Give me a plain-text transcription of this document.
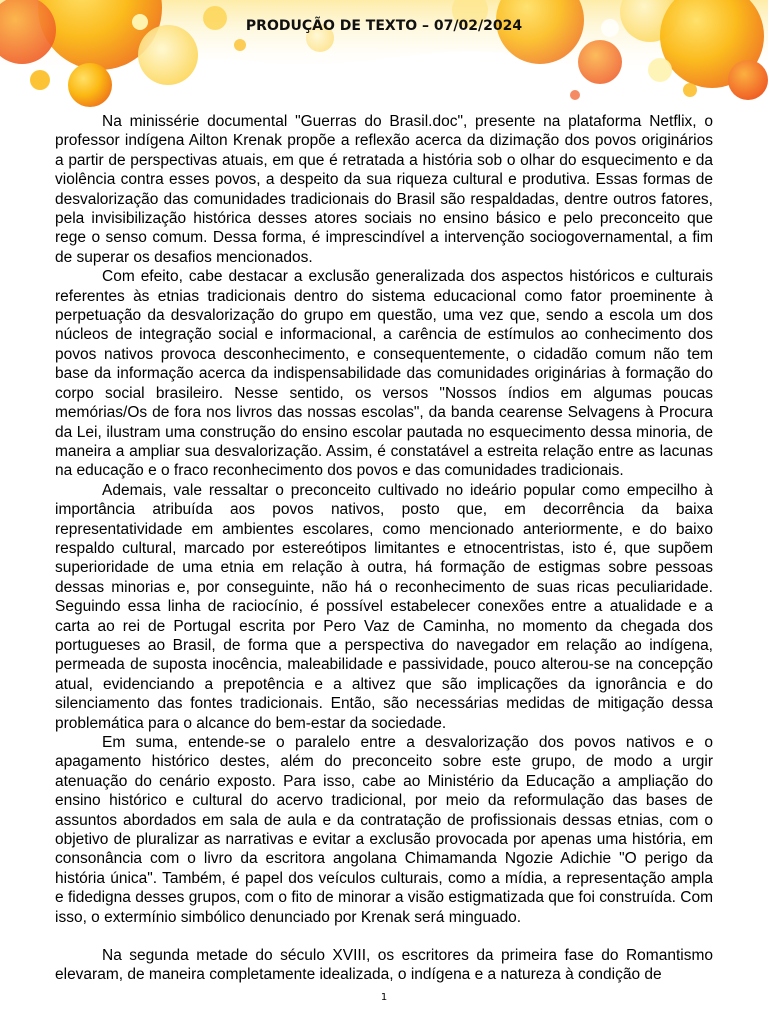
PRODUÇÃO DE TEXTO – 07/02/2024

Na minissérie documental "Guerras do Brasil.doc", presente na plataforma Netflix, o professor indígena Ailton Krenak propõe a reflexão acerca da dizimação dos povos originários a partir de perspectivas atuais, em que é retratada a história sob o olhar do esquecimento e da violência contra esses povos, a despeito da sua riqueza cultural e produtiva. Essas formas de desvalorização das comunidades tradicionais do Brasil são respaldadas, dentre outros fatores, pela invisibilização histórica desses atores sociais no ensino básico e pelo preconceito que rege o senso comum. Dessa forma, é imprescindível a intervenção sociogovernamental, a fim de superar os desafios mencionados.

Com efeito, cabe destacar a exclusão generalizada dos aspectos históricos e culturais referentes às etnias tradicionais dentro do sistema educacional como fator proeminente à perpetuação da desvalorização do grupo em questão, uma vez que, sendo a escola um dos núcleos de integração social e informacional, a carência de estímulos ao conhecimento dos povos nativos provoca desconhecimento, e consequentemente, o cidadão comum não tem base da informação acerca da indispensabilidade das comunidades originárias à formação do corpo social brasileiro. Nesse sentido, os versos "Nossos índios em algumas poucas memórias/Os de fora nos livros das nossas escolas", da banda cearense Selvagens à Procura da Lei, ilustram uma construção do ensino escolar pautada no esquecimento dessa minoria, de maneira a ampliar sua desvalorização. Assim, é constatável a estreita relação entre as lacunas na educação e o fraco reconhecimento dos povos e das comunidades tradicionais.

Ademais, vale ressaltar o preconceito cultivado no ideário popular como empecilho à importância atribuída aos povos nativos, posto que, em decorrência da baixa representatividade em ambientes escolares, como mencionado anteriormente, e do baixo respaldo cultural, marcado por estereótipos limitantes e etnocentristas, isto é, que supõem superioridade de uma etnia em relação à outra, há formação de estigmas sobre pessoas dessas minorias e, por conseguinte, não há o reconhecimento de suas ricas peculiaridade. Seguindo essa linha de raciocínio, é possível estabelecer conexões entre a atualidade e a carta ao rei de Portugal escrita por Pero Vaz de Caminha, no momento da chegada dos portugueses ao Brasil, de forma que a perspectiva do navegador em relação ao indígena, permeada de suposta inocência, maleabilidade e passividade, pouco alterou-se na concepção atual, evidenciando a prepotência e a altivez que são implicações da ignorância e do silenciamento das fontes tradicionais. Então, são necessárias medidas de mitigação dessa problemática para o alcance do bem-estar da sociedade.

Em suma, entende-se o paralelo entre a desvalorização dos povos nativos e o apagamento histórico destes, além do preconceito sobre este grupo, de modo a urgir atenuação do cenário exposto. Para isso, cabe ao Ministério da Educação a ampliação do ensino histórico e cultural do acervo tradicional, por meio da reformulação das bases de assuntos abordados em sala de aula e da contratação de profissionais dessas etnias, com o objetivo de pluralizar as narrativas e evitar a exclusão provocada por apenas uma história, em consonância com o livro da escritora angolana Chimamanda Ngozie Adichie "O perigo da história única". Também, é papel dos veículos culturais, como a mídia, a representação ampla e fidedigna desses grupos, com o fito de minorar a visão estigmatizada que foi construída. Com isso, o extermínio simbólico denunciado por Krenak será minguado.

Na segunda metade do século XVIII, os escritores da primeira fase do Romantismo elevaram, de maneira completamente idealizada, o indígena e a natureza à condição de

1
